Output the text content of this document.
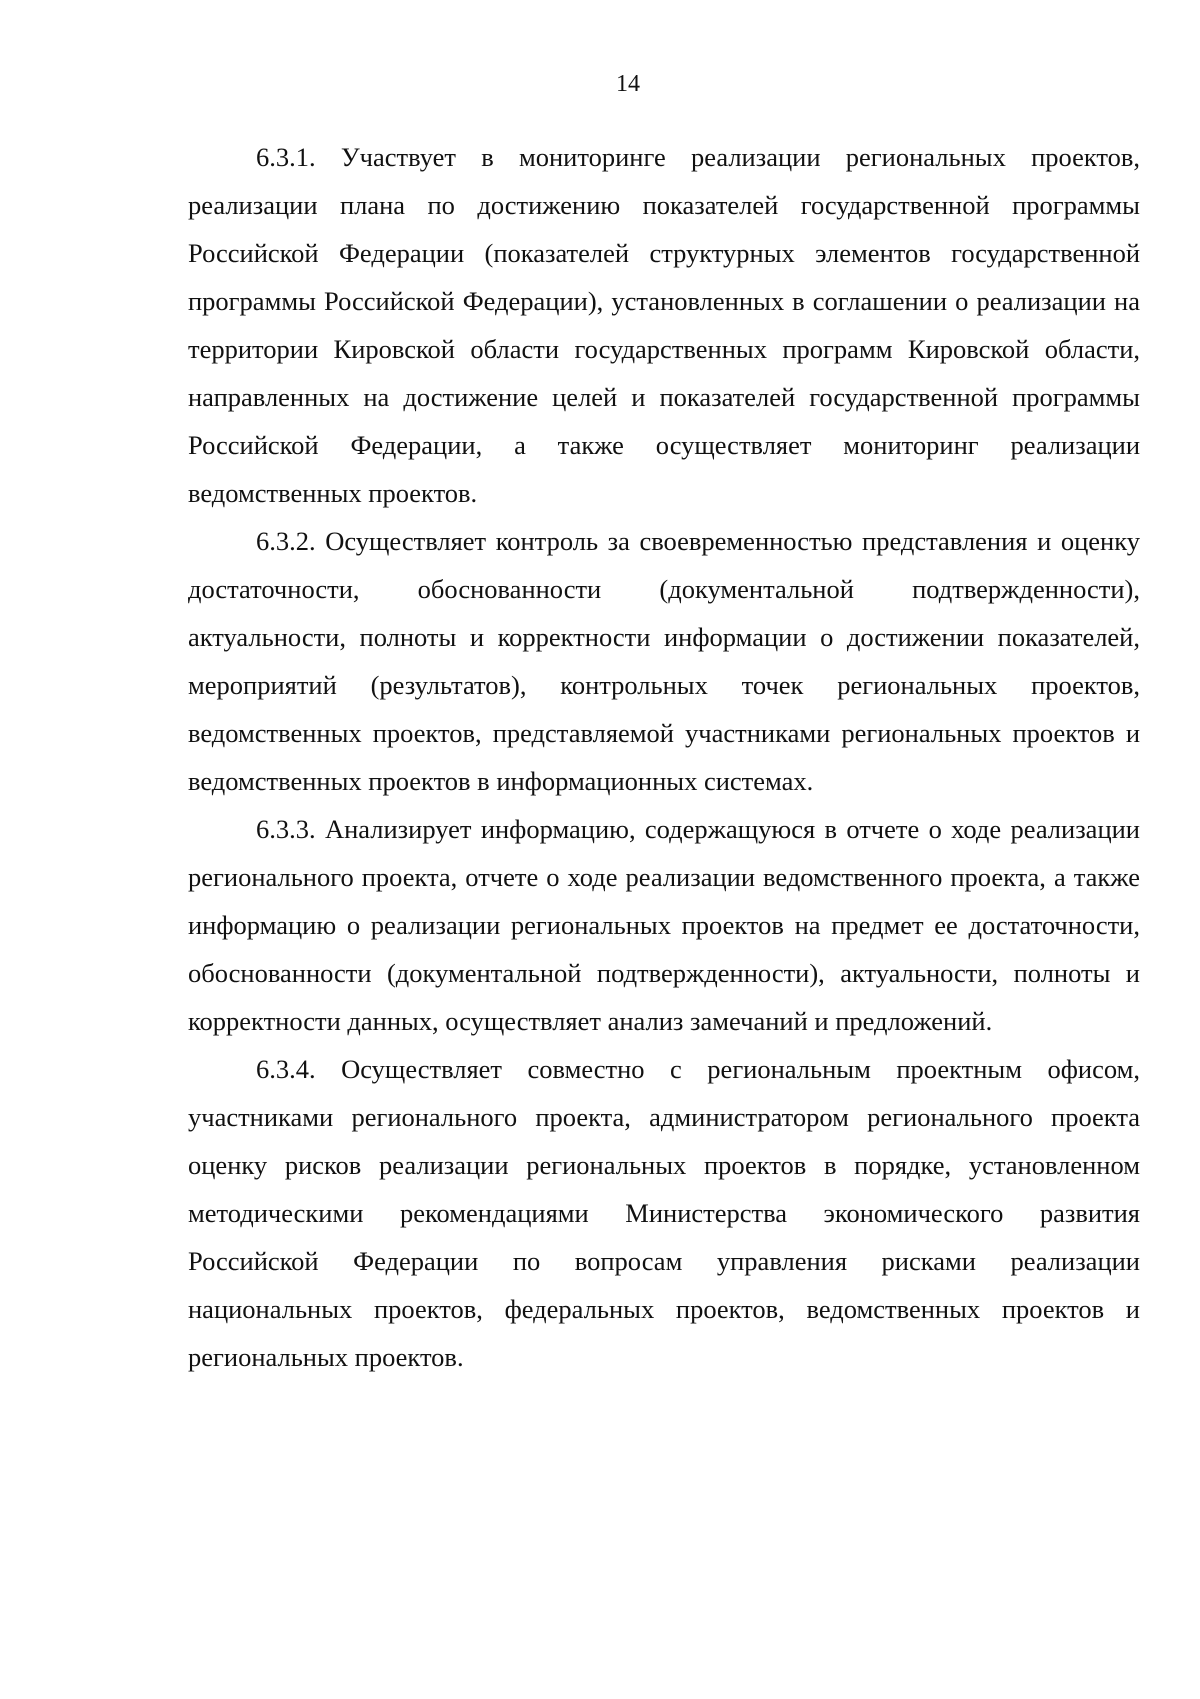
14

6.3.1. Участвует в мониторинге реализации региональных проектов, реализации плана по достижению показателей государственной программы Российской Федерации (показателей структурных элементов государственной программы Российской Федерации), установленных в соглашении о реализации на территории Кировской области государственных программ Кировской области, направленных на достижение целей и показателей государственной программы Российской Федерации, а также осуществляет мониторинг реализации ведомственных проектов.

6.3.2. Осуществляет контроль за своевременностью представления и оценку достаточности, обоснованности (документальной подтвержденности), актуальности, полноты и корректности информации о достижении показателей, мероприятий (результатов), контрольных точек региональных проектов, ведомственных проектов, представляемой участниками региональных проектов и ведомственных проектов в информационных системах.

6.3.3. Анализирует информацию, содержащуюся в отчете о ходе реализации регионального проекта, отчете о ходе реализации ведомственного проекта, а также информацию о реализации региональных проектов на предмет ее достаточности, обоснованности (документальной подтвержденности), актуальности, полноты и корректности данных, осуществляет анализ замечаний и предложений.

6.3.4. Осуществляет совместно с региональным проектным офисом, участниками регионального проекта, администратором регионального проекта оценку рисков реализации региональных проектов в порядке, установленном методическими рекомендациями Министерства экономического развития Российской Федерации по вопросам управления рисками реализации национальных проектов, федеральных проектов, ведомственных проектов и региональных проектов.
